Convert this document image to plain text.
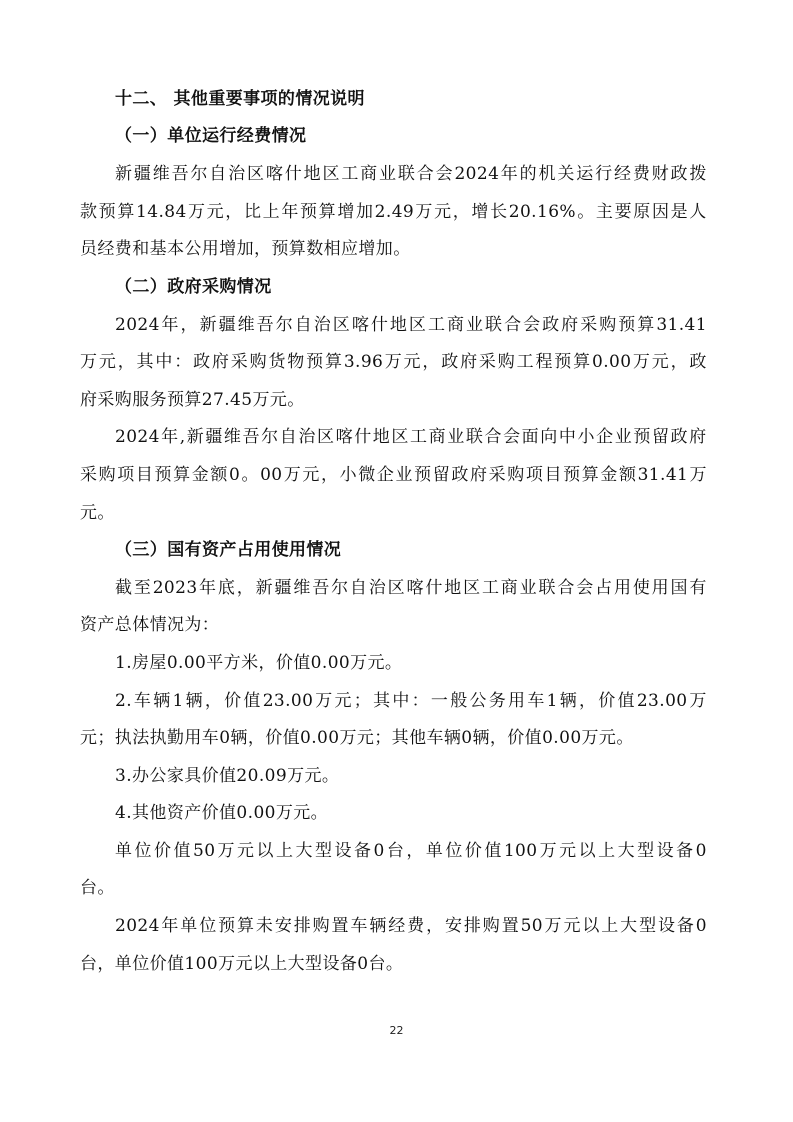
十二、 其他重要事项的情况说明
（一）单位运行经费情况
新 疆 维 吾 尔 自 治 区 喀 什 地 区 工 商 业 联 合 会 2024 年 的 机 关 运 行 经 费 财 政 拨
款 预 算 14.84 万 元 ， 比 上 年 预 算 增 加 2.49 万 元 ， 增 长 20.16% 。 主 要 原 因 是 人
员经费和基本公用增加，预算数相应增加。
（二）政府采购情况
2024 年 ， 新 疆 维 吾 尔 自 治 区 喀 什 地 区 工 商 业 联 合 会 政 府 采 购 预 算 31.41
万 元 ， 其 中 ： 政 府 采 购 货 物 预 算 3.96 万 元 ， 政 府 采 购 工 程 预 算 0.00 万 元 ， 政
府采购服务预算27.45万元。
2024 年 , 新 疆 维 吾 尔 自 治 区 喀 什 地 区 工 商 业 联 合 会 面 向 中 小 企 业 预 留 政 府
采 购 项 目 预 算 金 额 0 。 00 万 元 ， 小 微 企 业 预 留 政 府 采 购 项 目 预 算 金 额 31.41 万
元。
（三）国有资产占用使用情况
截 至 2023 年 底 ， 新 疆 维 吾 尔 自 治 区 喀 什 地 区 工 商 业 联 合 会 占 用 使 用 国 有
资产总体情况为：
1.房屋0.00平方米，价值0.00万元。
2. 车 辆 1 辆 ， 价 值 23.00 万 元 ； 其 中 ： 一 般 公 务 用 车 1 辆 ， 价 值 23.00 万
元；执法执勤用车0辆，价值0.00万元；其他车辆0辆，价值0.00万元。
3.办公家具价值20.09万元。
4.其他资产价值0.00万元。
单 位 价 值 50 万 元 以 上 大 型 设 备 0 台 ， 单 位 价 值 100 万 元 以 上 大 型 设 备 0
台。
2024 年 单 位 预 算 未 安 排 购 置 车 辆 经 费 ， 安 排 购 置 50 万 元 以 上 大 型 设 备 0
台，单位价值100万元以上大型设备0台。
22
